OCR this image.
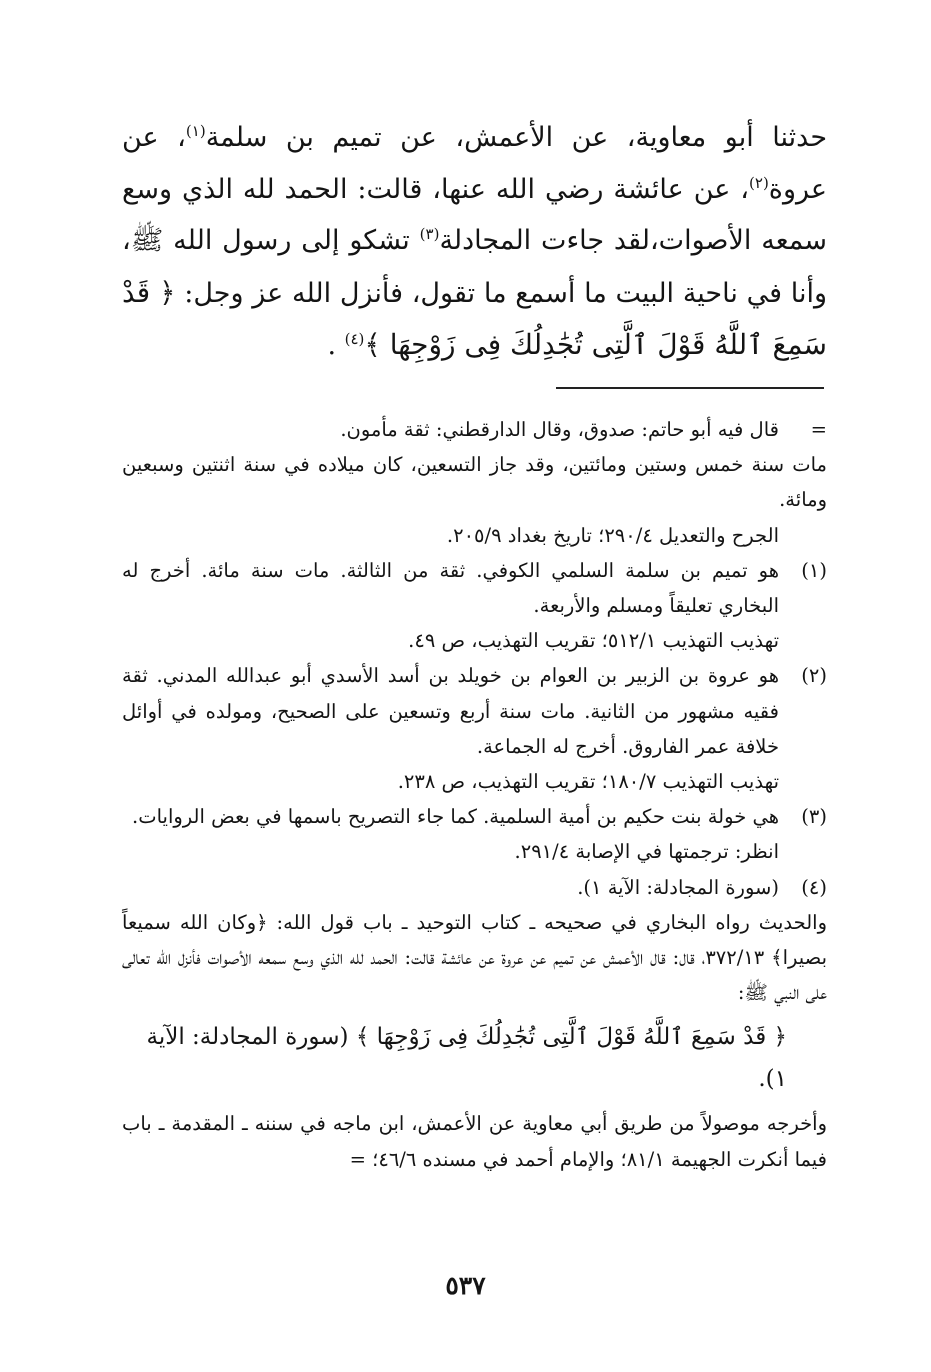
حدثنا أبو معاوية، عن الأعمش، عن تميم بن سلمة$^{(١)}$، عن عروة$^{(٢)}$، عن عائشة رضي الله عنها، قالت: الحمد لله الذي وسع سمعه الأصوات،لقد جاءت المجادلة$^{(٣)}$ تشكو إلى رسول الله ﷺ، وأنا في ناحية البيت ما أسمع ما تقول، فأنزل الله عز وجل: ﴿ قَدْ سَمِعَ ٱللَّهُ قَوْلَ ٱلَّتِى تُجَٰدِلُكَ فِى زَوْجِهَا ﴾$^{(٤)}$ .

=

قال فيه أبو حاتم: صدوق، وقال الدارقطني: ثقة مأمون.

مات سنة خمس وستين ومائتين، وقد جاز التسعين، كان ميلاده في سنة اثنتين وسبعين ومائة.

الجرح والتعديل ٢٩٠/٤؛ تاريخ بغداد ٢٠٥/٩.

(١)

هو تميم بن سلمة السلمي الكوفي. ثقة من الثالثة. مات سنة مائة. أخرج له البخاري تعليقاً ومسلم والأربعة.

تهذيب التهذيب ٥١٢/١؛ تقريب التهذيب، ص ٤٩.

(٢)

هو عروة بن الزبير بن العوام بن خويلد بن أسد الأسدي أبو عبدالله المدني. ثقة فقيه مشهور من الثانية. مات سنة أربع وتسعين على الصحيح، ومولده في أوائل خلافة عمر الفاروق. أخرج له الجماعة.

تهذيب التهذيب ١٨٠/٧؛ تقريب التهذيب، ص ٢٣٨.

(٣)

هي خولة بنت حكيم بن أمية السلمية. كما جاء التصريح باسمها في بعض الروايات.

انظر: ترجمتها في الإصابة ٢٩١/٤.

(٤)

(سورة المجادلة: الآية ١).

والحديث رواه البخاري في صحيحه ـ كتاب التوحيد ـ باب قول الله: ﴿وكان الله سميعاً بصيرا﴾ ٣٧٢/١٣، قال: قال الأعمش عن تميم عن عروة عن عائشة قالت: الحمد لله الذي وسع سمعه الأصوات فأنزل الله تعالى على النبي ﷺ:

﴿ قَدْ سَمِعَ ٱللَّهُ قَوْلَ ٱلَّتِى تُجَٰدِلُكَ فِى زَوْجِهَا ﴾ (سورة المجادلة: الآية ١).

وأخرجه موصولاً من طريق أبي معاوية عن الأعمش، ابن ماجه في سننه ـ المقدمة ـ باب فيما أنكرت الجهيمة ٨١/١؛ والإمام أحمد في مسنده ٤٦/٦؛ =

٥٣٧
